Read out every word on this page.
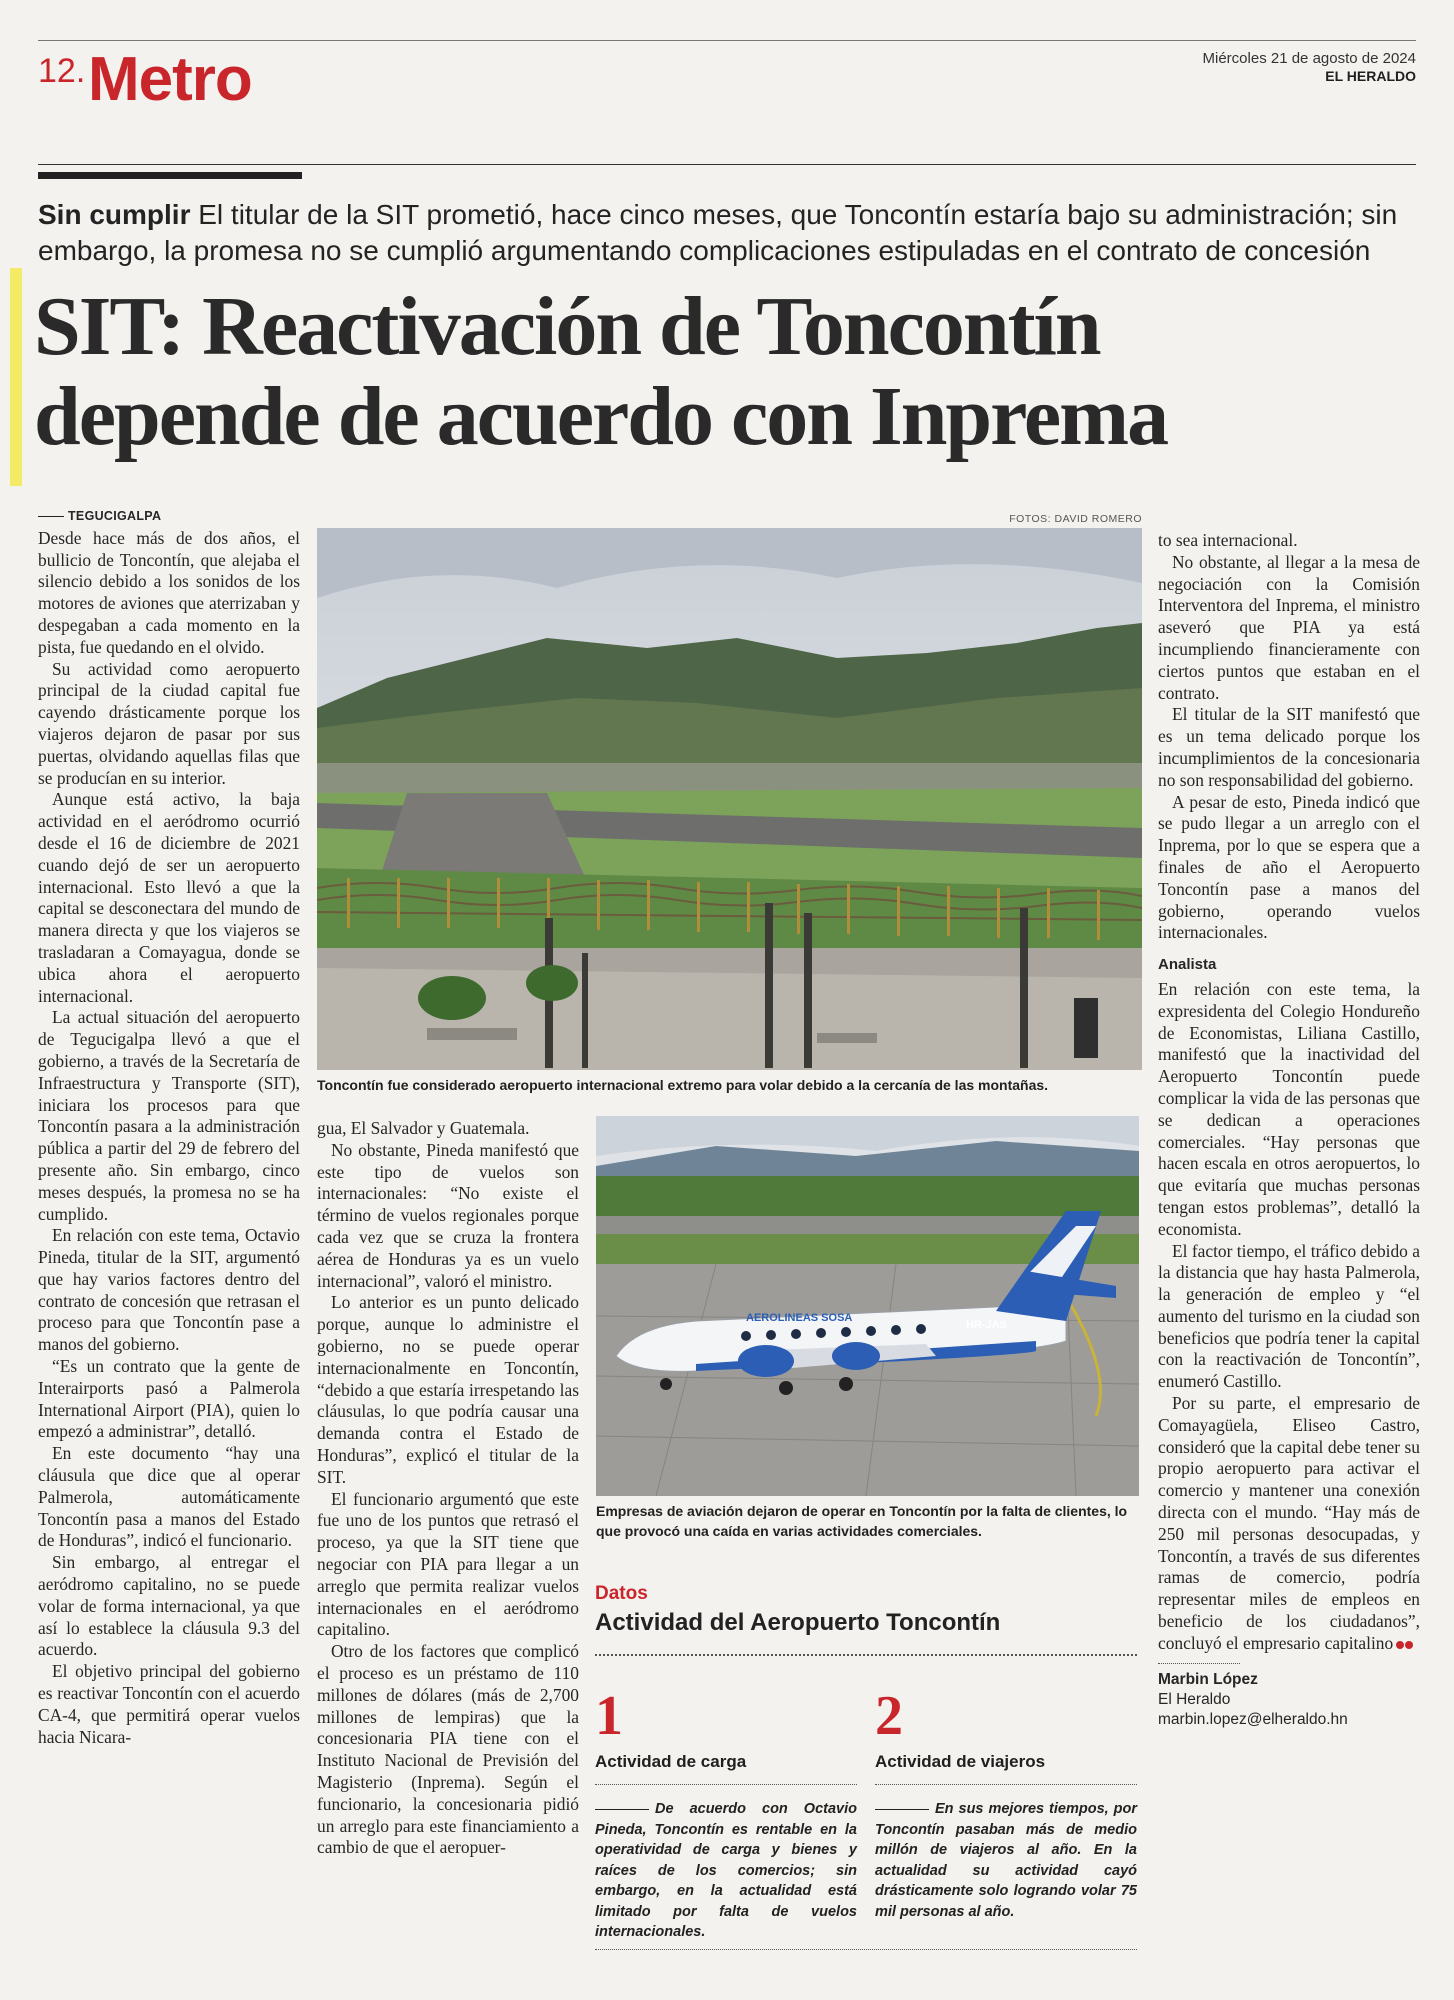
12. Metro	Miércoles 21 de agosto de 2024
EL HERALDO
Sin cumplir El titular de la SIT prometió, hace cinco meses, que Toncontín estaría bajo su administración; sin embargo, la promesa no se cumplió argumentando complicaciones estipuladas en el contrato de concesión
SIT: Reactivación de Toncontín
depende de acuerdo con Inprema
FOTOS: DAVID ROMERO
Toncontín fue considerado aeropuerto internacional extremo para volar debido a la cercanía de las montañas.
AEROLINEAS SOSA
HR-JAS
Empresas de aviación dejaron de operar en Toncontín por la falta de clientes, lo que provocó una caída en varias actividades comerciales.
TEGUCIGALPA

Desde hace más de dos años, el bullicio de Toncontín, que alejaba el silencio debido a los sonidos de los motores de aviones que aterrizaban y despegaban a cada momento en la pista, fue quedando en el olvido.

Su actividad como aeropuerto principal de la ciudad capital fue cayendo drásticamente porque los viajeros dejaron de pasar por sus puertas, olvidando aquellas filas que se producían en su interior.

Aunque está activo, la baja actividad en el aeródromo ocurrió desde el 16 de diciembre de 2021 cuando dejó de ser un aeropuerto internacional. Esto llevó a que la capital se desconectara del mundo de manera directa y que los viajeros se trasladaran a Comayagua, donde se ubica ahora el aeropuerto internacional.

La actual situación del aeropuerto de Tegucigalpa llevó a que el gobierno, a través de la Secretaría de Infraestructura y Transporte (SIT), iniciara los procesos para que Toncontín pasara a la administración pública a partir del 29 de febrero del presente año. Sin embargo, cinco meses después, la promesa no se ha cumplido.

En relación con este tema, Octavio Pineda, titular de la SIT, argumentó que hay varios factores dentro del contrato de concesión que retrasan el proceso para que Toncontín pase a manos del gobierno.

“Es un contrato que la gente de Interairports pasó a Palmerola International Airport (PIA), quien lo empezó a administrar”, detalló.

En este documento “hay una cláusula que dice que al operar Palmerola, automáticamente Toncontín pasa a manos del Estado de Honduras”, indicó el funcionario.

Sin embargo, al entregar el aeródromo capitalino, no se puede volar de forma internacional, ya que así lo establece la cláusula 9.3 del acuerdo.

El objetivo principal del gobierno es reactivar Toncontín con el acuerdo CA-4, que permitirá operar vuelos hacia Nicara-

gua, El Salvador y Guatemala.

No obstante, Pineda manifestó que este tipo de vuelos son internacionales: “No existe el término de vuelos regionales porque cada vez que se cruza la frontera aérea de Honduras ya es un vuelo internacional”, valoró el ministro.

Lo anterior es un punto delicado porque, aunque lo administre el gobierno, no se puede operar internacionalmente en Toncontín, “debido a que estaría irrespetando las cláusulas, lo que podría causar una demanda contra el Estado de Honduras”, explicó el titular de la SIT.

El funcionario argumentó que este fue uno de los puntos que retrasó el proceso, ya que la SIT tiene que negociar con PIA para llegar a un arreglo que permita realizar vuelos internacionales en el aeródromo capitalino.

Otro de los factores que complicó el proceso es un préstamo de 110 millones de dólares (más de 2,700 millones de lempiras) que la concesionaria PIA tiene con el Instituto Nacional de Previsión del Magisterio (Inprema). Según el funcionario, la concesionaria pidió un arreglo para este financiamiento a cambio de que el aeropuer-

Datos
Actividad del Aeropuerto Toncontín
1
Actividad de carga
De acuerdo con Octavio Pineda, Toncontín es rentable en la operatividad de carga y bienes y raíces de los comercios; sin embargo, en la actualidad está limitado por falta de vuelos internacionales.
2
Actividad de viajeros
En sus mejores tiempos, por Toncontín pasaban más de medio millón de viajeros al año. En la actualidad su actividad cayó drásticamente solo logrando volar 75 mil personas al año.

to sea internacional.

No obstante, al llegar a la mesa de negociación con la Comisión Interventora del Inprema, el ministro aseveró que PIA ya está incumpliendo financieramente con ciertos puntos que estaban en el contrato.

El titular de la SIT manifestó que es un tema delicado porque los incumplimientos de la concesionaria no son responsabilidad del gobierno.

A pesar de esto, Pineda indicó que se pudo llegar a un arreglo con el Inprema, por lo que se espera que a finales de año el Aeropuerto Toncontín pase a manos del gobierno, operando vuelos internacionales.

Analista

En relación con este tema, la expresidenta del Colegio Hondureño de Economistas, Liliana Castillo, manifestó que la inactividad del Aeropuerto Toncontín puede complicar la vida de las personas que se dedican a operaciones comerciales. “Hay personas que hacen escala en otros aeropuertos, lo que evitaría que muchas personas tengan estos problemas”, detalló la economista.

El factor tiempo, el tráfico debido a la distancia que hay hasta Palmerola, la generación de empleo y “el aumento del turismo en la ciudad son beneficios que podría tener la capital con la reactivación de Toncontín”, enumeró Castillo.

Por su parte, el empresario de Comayagüela, Eliseo Castro, consideró que la capital debe tener su propio aeropuerto para activar el comercio y mantener una conexión directa con el mundo. “Hay más de 250 mil personas desocupadas, y Toncontín, a través de sus diferentes ramas de comercio, podría representar miles de empleos en beneficio de los ciudadanos”, concluyó el empresario capitalino

Marbin López
El Heraldo
marbin.lopez@elheraldo.hn
